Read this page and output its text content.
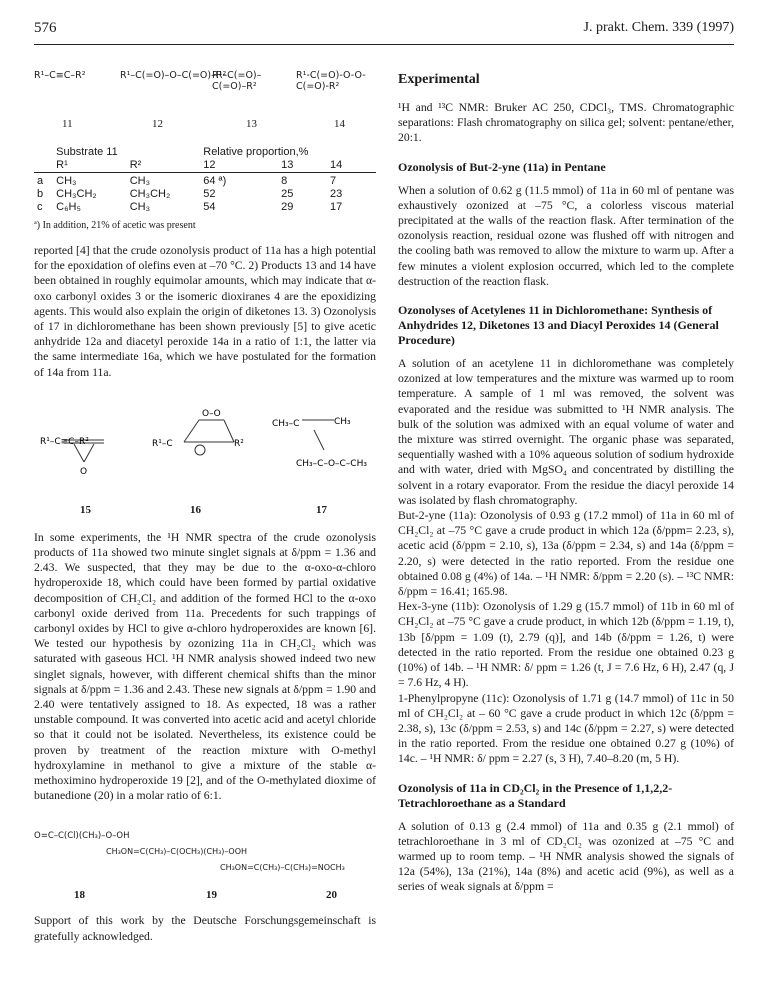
576	J. prakt. Chem. 339 (1997)
R¹–C≡C–R²	R¹–C(=O)–O–C(=O)–R²
R¹–C(=O)–C(=O)–R²
R¹-C(=O)-O-O-C(=O)-R²
11	12	13	14
	Substrate 11		Relative proportion,%		
	R¹	R²	12	13	14

a	CH₃	CH₃	64 ª)	8	7
b	CH₃CH₂	CH₃CH₂	52	25	23
c	C₆H₅	CH₃	54	29	17
ª) In addition, 21% of acetic was present

reported [4] that the crude ozonolysis product of 11a has a high potential for the epoxidation of olefins even at –70 °C. 2) Products 13 and 14 have been obtained in roughly equimolar amounts, which may indicate that α-oxo carbonyl oxides 3 or the isomeric dioxiranes 4 are the epoxidizing agents. This would also explain the origin of diketones 13. 3) Ozonolysis of 17 in dichloromethane has been shown previously [5] to give acetic anhydride 12a and diacetyl peroxide 14a in a ratio of 1:1, the latter via the same intermediate 16a, which we have postulated for the formation of 14a from 11a.

R¹–C≡C–R²
O
R¹–C	R²
O–O
CH₃–C	CH₃
CH₃–C–O–C–CH₃
15	16	17

In some experiments, the ¹H NMR spectra of the crude ozonolysis products of 11a showed two minute singlet signals at δ/ppm = 1.36 and 2.43. We suspected, that they may be due to the α-oxo-α-chloro hydroperoxide 18, which could have been formed by partial oxidative decomposition of CH₂Cl₂ and addition of the formed HCl to the α-oxo carbonyl oxide derived from 11a. Precedents for such trappings of carbonyl oxides by HCl to give α-chloro hydroperoxides are known [6]. We tested our hypothesis by ozonizing 11a in CH₂Cl₂ which was saturated with gaseous HCl. ¹H NMR analysis showed indeed two new singlet signals, however, with different chemical shifts than the minor signals at δ/ppm = 1.36 and 2.43. These new signals at δ/ppm = 1.90 and 2.40 were tentatively assigned to 18. As expected, 18 was a rather unstable compound. It was converted into acetic acid and acetyl chloride so that it could not be isolated. Nevertheless, its existence could be proven by treatment of the reaction mixture with O-methyl hydroxylamine in methanol to give a mixture of the stable α-methoximino hydroperoxide 19 [2], and of the O-methylated dioxime of butanedione (20) in a molar ratio of 6:1.

O=C–C(Cl)(CH₃)–O–OH
CH₃ON=C(CH₃)–C(OCH₃)(CH₃)–OOH
CH₃ON=C(CH₃)–C(CH₃)=NOCH₃
18	19	20

Support of this work by the Deutsche Forschungsgemeinschaft is gratefully acknowledged.

Experimental

¹H and ¹³C NMR: Bruker AC 250, CDCl₃, TMS. Chromatographic separations: Flash chromatography on silica gel; solvent: pentane/ether, 20:1.

Ozonolysis of But-2-yne (11a) in Pentane

When a solution of 0.62 g (11.5 mmol) of 11a in 60 ml of pentane was exhaustively ozonized at –75 °C, a colorless viscous material precipitated at the walls of the reaction flask. After termination of the ozonolysis reaction, residual ozone was flushed off with nitrogen and the cooling bath was removed to allow the mixture to warm up. After a few minutes a violent explosion occurred, which led to the complete destruction of the reaction flask.

Ozonolyses of Acetylenes 11 in Dichloromethane: Synthesis of Anhydrides 12, Diketones 13 and Diacyl Peroxides 14 (General Procedure)

A solution of an acetylene 11 in dichloromethane was completely ozonized at low temperatures and the mixture was warmed up to room temperature. A sample of 1 ml was removed, the solvent was evaporated and the residue was submitted to ¹H NMR analysis. The bulk of the solution was admixed with an equal volume of water and the mixture was stirred overnight. The organic phase was separated, sequentially washed with a 10% aqueous solution of sodium hydroxide and with water, dried with MgSO₄ and concentrated by distilling the solvent in a rotary evaporator. From the residue the diacyl peroxide 14 was isolated by flash chromatography.

But-2-yne (11a): Ozonolysis of 0.93 g (17.2 mmol) of 11a in 60 ml of CH₂Cl₂ at –75 °C gave a crude product in which 12a (δ/ppm= 2.23, s), acetic acid (δ/ppm = 2.10, s), 13a (δ/ppm = 2.34, s) and 14a (δ/ppm = 2.20, s) were detected in the ratio reported. From the residue one obtained 0.08 g (4%) of 14a. – ¹H NMR: δ/ppm = 2.20 (s). – ¹³C NMR: δ/ppm = 16.41; 165.98.

Hex-3-yne (11b): Ozonolysis of 1.29 g (15.7 mmol) of 11b in 60 ml of CH₂Cl₂ at –75 °C gave a crude product, in which 12b (δ/ppm = 1.19, t), 13b [δ/ppm = 1.09 (t), 2.79 (q)], and 14b (δ/ppm = 1.26, t) were detected in the ratio reported. From the residue one obtained 0.23 g (10%) of 14b. – ¹H NMR: δ/ ppm = 1.26 (t, J = 7.6 Hz, 6 H), 2.47 (q, J = 7.6 Hz, 4 H).

1-Phenylpropyne (11c): Ozonolysis of 1.71 g (14.7 mmol) of 11c in 50 ml of CH₂Cl₂ at – 60 °C gave a crude product in which 12c (δ/ppm = 2.38, s), 13c (δ/ppm = 2.53, s) and 14c (δ/ppm = 2.27, s) were detected in the ratio reported. From the residue one obtained 0.27 g (10%) of 14c. – ¹H NMR: δ/ ppm = 2.27 (s, 3 H), 7.40–8.20 (m, 5 H).

Ozonolysis of 11a in CD₂Cl₂ in the Presence of 1,1,2,2-Tetrachloroethane as a Standard

A solution of 0.13 g (2.4 mmol) of 11a and 0.35 g (2.1 mmol) of tetrachloroethane in 3 ml of CD₂Cl₂ was ozonized at –75 °C and warmed up to room temp. – ¹H NMR analysis showed the signals of 12a (54%), 13a (21%), 14a (8%) and acetic acid (9%), as well as a series of weak signals at δ/ppm =
